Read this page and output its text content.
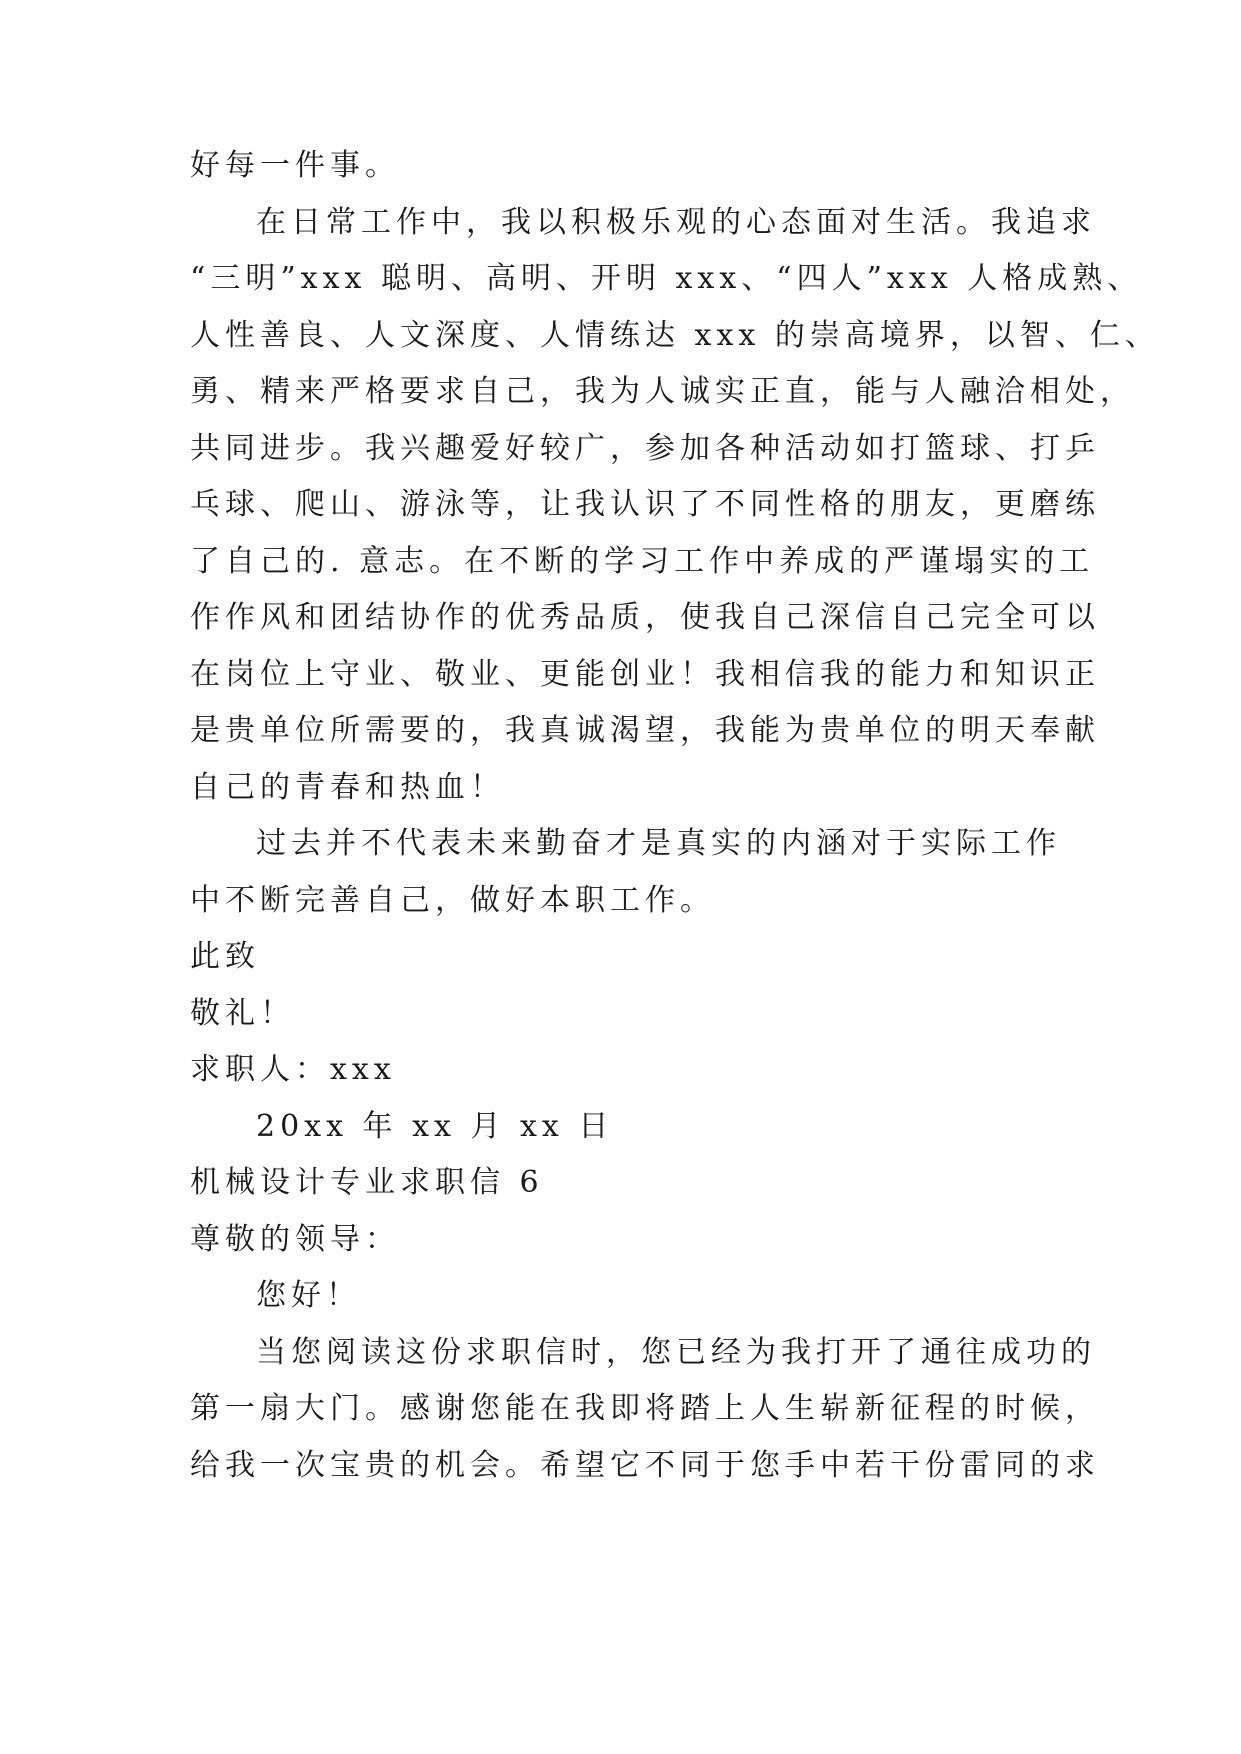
好每一件事。

在日常工作中，我以积极乐观的心态面对生活。我追求

“三明”xxx 聪明、高明、开明 xxx、“四人”xxx 人格成熟、

人性善良、人文深度、人情练达 xxx 的崇高境界，以智、仁、

勇、精来严格要求自己，我为人诚实正直，能与人融洽相处，

共同进步。我兴趣爱好较广，参加各种活动如打篮球、打乒

乓球、爬山、游泳等，让我认识了不同性格的朋友，更磨练

了自己的. 意志。在不断的学习工作中养成的严谨塌实的工

作作风和团结协作的优秀品质，使我自己深信自己完全可以

在岗位上守业、敬业、更能创业！我相信我的能力和知识正

是贵单位所需要的，我真诚渴望，我能为贵单位的明天奉献

自己的青春和热血！

过去并不代表未来勤奋才是真实的内涵对于实际工作

中不断完善自己，做好本职工作。

此致

敬礼！

求职人：xxx

20xx 年 xx 月 xx 日

机械设计专业求职信 6

尊敬的领导：

您好！

当您阅读这份求职信时，您已经为我打开了通往成功的

第一扇大门。感谢您能在我即将踏上人生崭新征程的时候，

给我一次宝贵的机会。希望它不同于您手中若干份雷同的求
